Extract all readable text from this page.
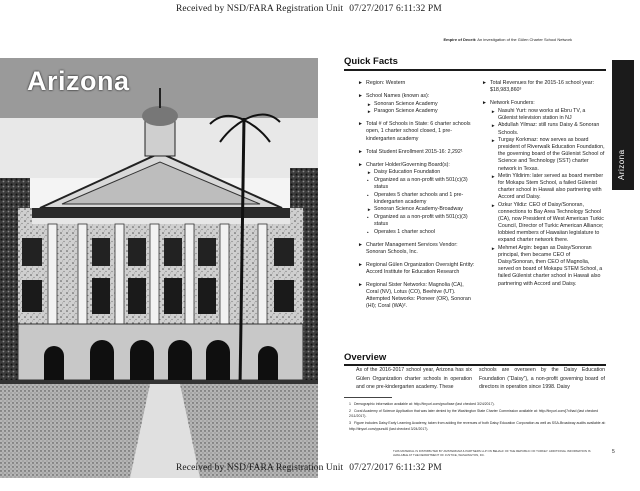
Received by NSD/FARA Registration Unit 07/27/2017 6:11:32 PM
Arizona
Empire of Deceit: An investigation of the Gülen Charter School Network
Arizona
Quick Facts
► Region: Western
► School Names (known as):
► Sonoran Science Academy
► Paragon Science Academy
► Total # of Schools in State: 6 charter schools open, 1 charter school closed, 1 pre-kindergarten academy
► Total Student Enrollment 2015-16: 2,292¹
► Charter Holder/Governing Board(s):
► Daisy Education Foundation
• Organized as a non-profit with 501(c)(3) status
• Operates 5 charter schools and 1 pre-kindergarten academy
► Sonoran Science Academy-Broadway
• Organized as a non-profit with 501(c)(3) status
• Operates 1 charter school
► Charter Management Services Vendor: Sonoran Schools, Inc.
► Regional Gülen Organization Oversight Entity: Accord Institute for Education Research
► Regional Sister Networks: Magnolia (CA), Coral (NV), Lotus (CO), Beehive (UT). Attempted Networks: Pioneer (OR), Sonoran (HI); Coral (WA)².
► Total Revenues for the 2015-16 school year: $18,983,860³
► Network Founders:
► Nasuhi Yurt: now works at Ebru TV, a Gülenist television station in NJ
► Abdullah Yilmaz: still runs Daisy & Sonoran Schools.
► Turgay Korkmaz: now serves as board president of Riverwalk Education Foundation, the governing board of the Gülenist School of Science and Technology (SST) charter network in Texas.
► Metin Yildirim: later served as board member for Mokapu Stem School, a failed Gülenist charter school in Hawaii also partnering with Accord and Daisy.
► Ozkur Yildiz: CEO of Daisy/Sonoran, connections to Bay Area Technology School (CA), now President of West American Turkic Council, Director of Turkic American Alliance; lobbied members of Hawaiian legislature to expand charter network there.
► Mehmet Argin: began as Daisy/Sonoran principal, then became CEO of Daisy/Sonoran, then CEO of Magnolia, served on board of Mokapu STEM School, a failed Gülenist charter school in Hawaii also partnering with Accord and Daisy.
Overview
As of the 2016-2017 school year, Arizona has six Gülen Organization charter schools in operation and one pre-kindergarten academy. These
schools are overseen by the Daisy Education Foundation (“Daisy”), a non-profit governing board of directors in operation since 1998. Daisy
1 Demographic information available at: http://tinyurl.com/gwu9ase (last checked 3/24/2017).
2 Coral Academy of Science Application that was later denied by the Washington State Charter Commission available at: http://tinyurl.com/j7xlhad (last checked 2/11/2017).
3 Figure includes Daisy Early Learning Academy, taken from adding the revenues of both Daisy Education Corporation as well as SSA-Broadway audits available at: http://tinyurl.com/ppunul6 (last checked 3/24/2017).
THIS MATERIAL IS DISTRIBUTED BY AMSTERDAM & PARTNERS LLP ON BEHALF OF THE REPUBLIC OF TURKEY. ADDITIONAL INFORMATION IS AVAILABLE AT THE DEPARTMENT OF JUSTICE, WASHINGTON, DC.	5
Received by NSD/FARA Registration Unit 07/27/2017 6:11:32 PM
